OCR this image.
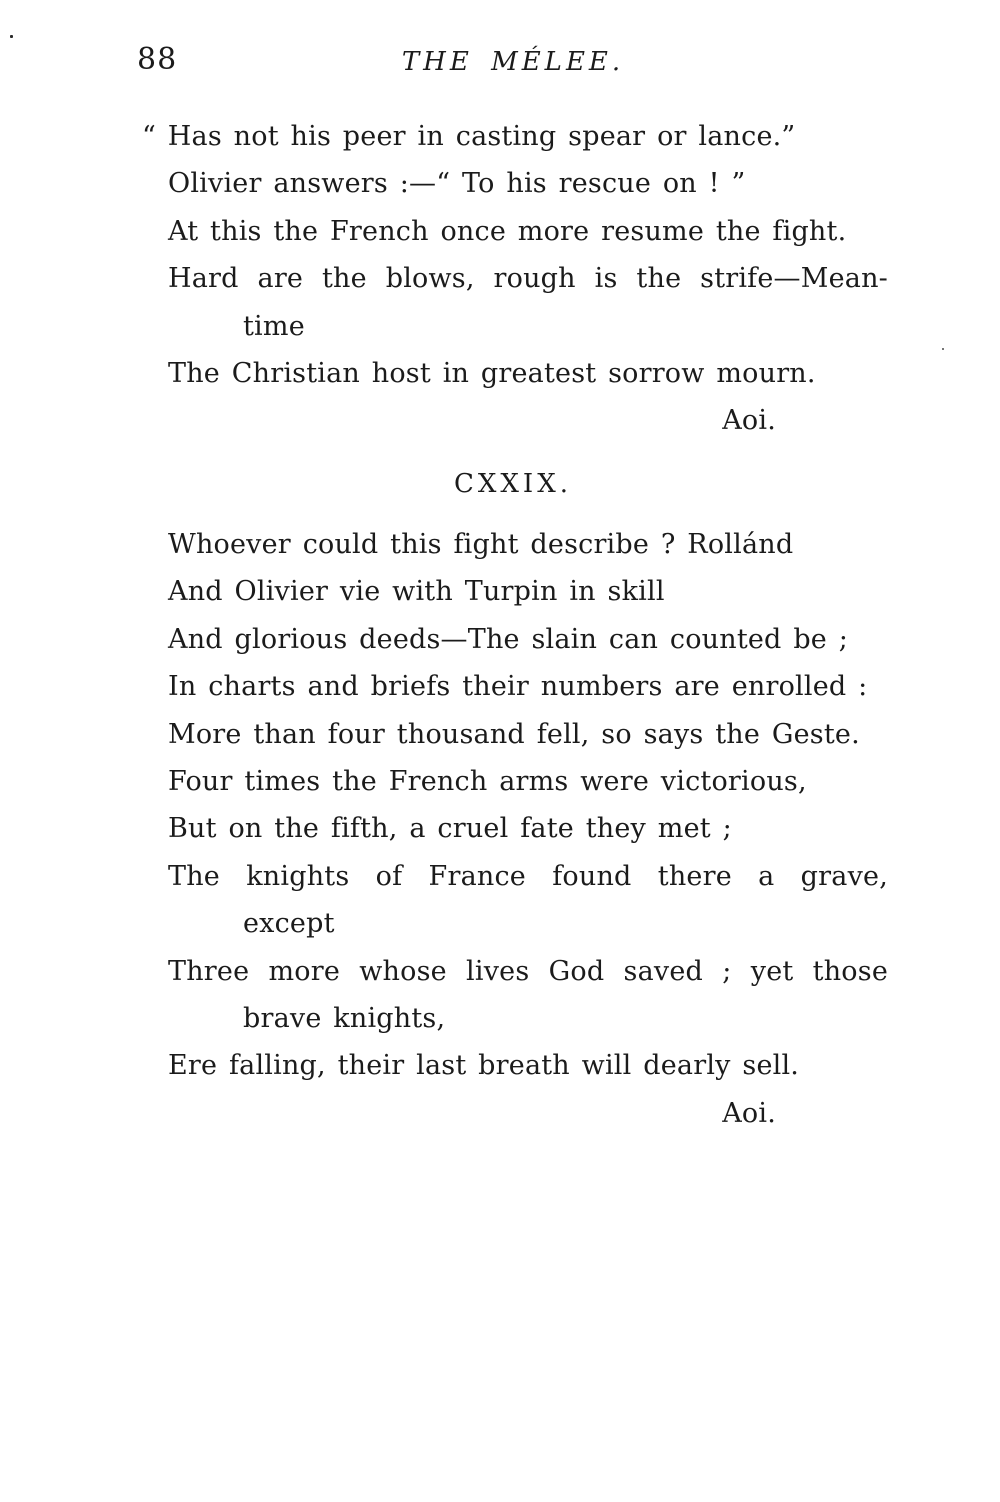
88	THE MÉLEE.
“ Has not his peer in casting spear or lance.”
Olivier answers :—“ To his rescue on ! ”
At this the French once more resume the fight.
Hard are the blows, rough is the strife—Mean-
time
The Christian host in greatest sorrow mourn.
Aoi.
CXXIX.
Whoever could this fight describe ? Rollánd
And Olivier vie with Turpin in skill
And glorious deeds—The slain can counted be ;
In charts and briefs their numbers are enrolled :
More than four thousand fell, so says the Geste.
Four times the French arms were victorious,
But on the fifth, a cruel fate they met ;
The knights of France found there a grave,
except
Three more whose lives God saved ; yet those
brave knights,
Ere falling, their last breath will dearly sell.
Aoi.
